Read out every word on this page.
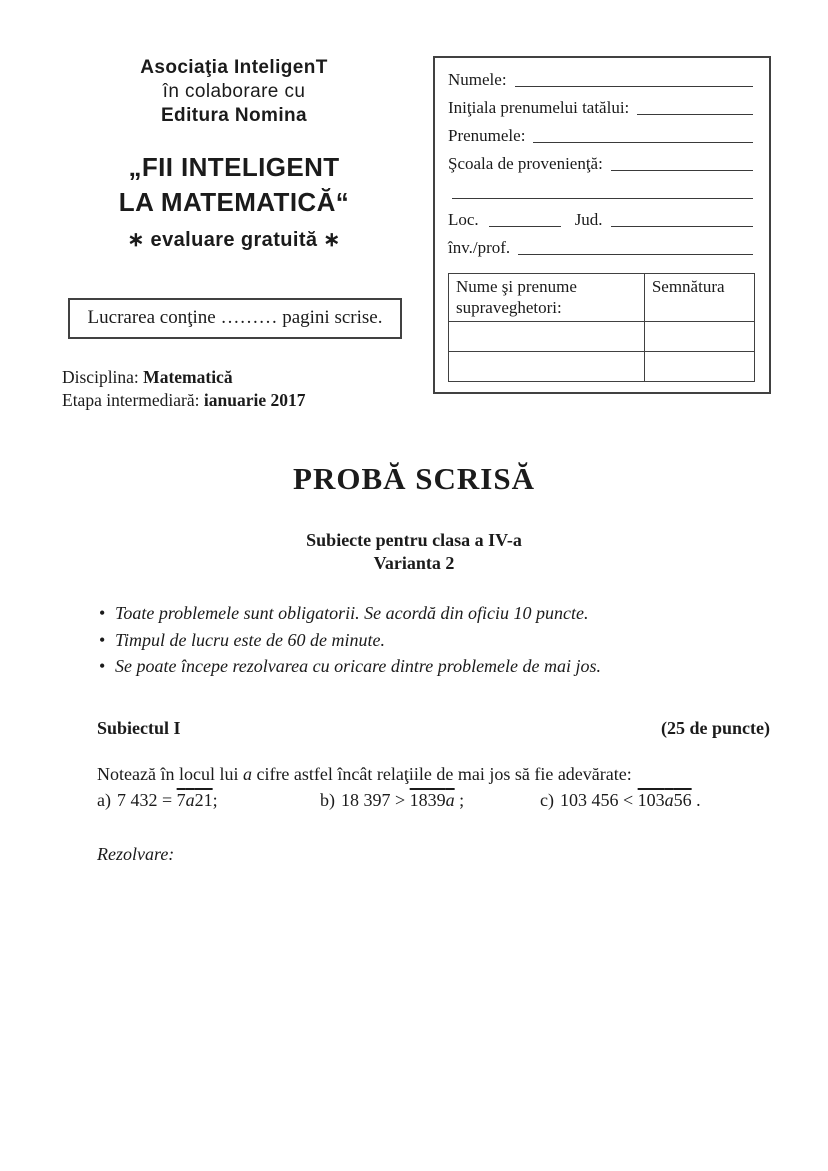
Asociaţia InteligenT
în colaborare cu
Editura Nomina
„FII INTELIGENT
LA MATEMATICĂ“
∗ evaluare gratuită ∗
Numele:
Iniţiala prenumelui tatălui:
Prenumele:
Şcoala de provenienţă:
Loc.	Jud.
înv./prof.
Nume şi prenume supraveghetori:	Semnătura

Lucrarea conţine ……… pagini scrise.
Disciplina: Matematică
Etapa intermediară: ianuarie 2017
PROBĂ SCRISĂ
Subiecte pentru clasa a IV-a
Varianta 2
•
Toate problemele sunt obligatorii. Se acordă din oficiu 10 puncte.
•
Timpul de lucru este de 60 de minute.
•
Se poate începe rezolvarea cu oricare dintre problemele de mai jos.
Subiectul I	(25 de puncte)
Notează în locul lui a cifre astfel încât relaţiile de mai jos să fie adevărate:
a) 7 432 = 7a21;	b) 18 397 > 1839a ;	c) 103 456 < 103a56 .
Rezolvare:
